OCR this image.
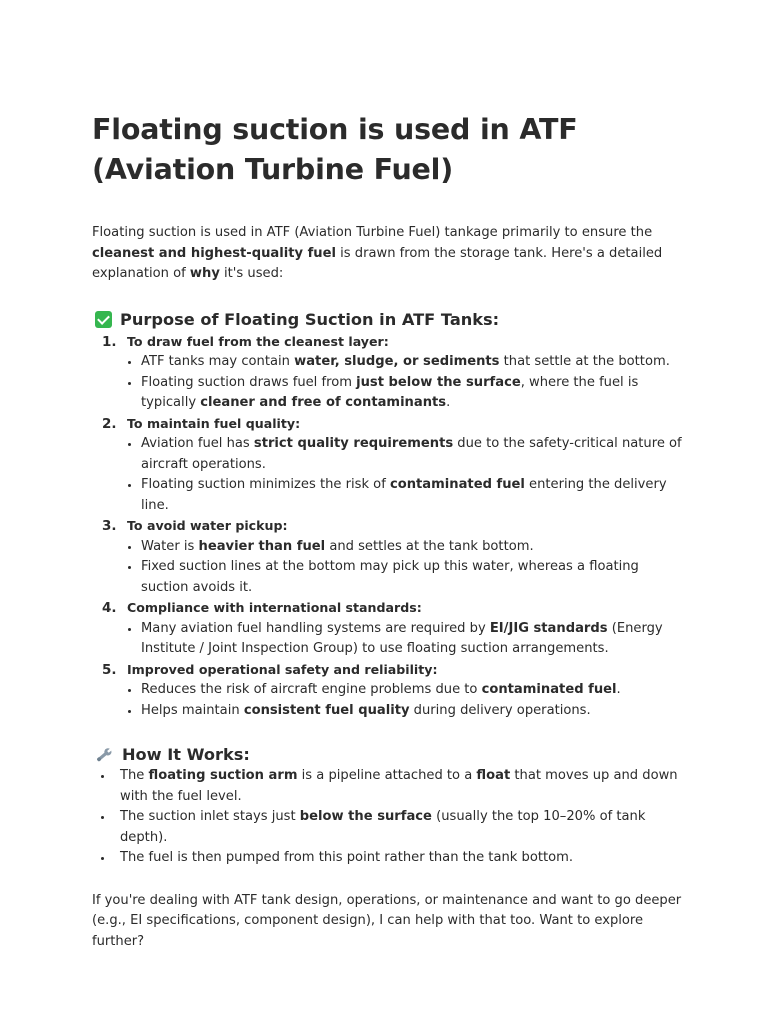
Floating suction is used in ATF (Aviation Turbine Fuel)

Floating suction is used in ATF (Aviation Turbine Fuel) tankage primarily to ensure the cleanest and highest-quality fuel is drawn from the storage tank. Here's a detailed explanation of why it's used:

Purpose of Floating Suction in ATF Tanks:
1. To draw fuel from the cleanest layer:
ATF tanks may contain water, sludge, or sediments that settle at the bottom.
Floating suction draws fuel from just below the surface, where the fuel is typically cleaner and free of contaminants.
2. To maintain fuel quality:
Aviation fuel has strict quality requirements due to the safety-critical nature of aircraft operations.
Floating suction minimizes the risk of contaminated fuel entering the delivery line.
3. To avoid water pickup:
Water is heavier than fuel and settles at the tank bottom.
Fixed suction lines at the bottom may pick up this water, whereas a floating suction avoids it.
4. Compliance with international standards:
Many aviation fuel handling systems are required by EI/JIG standards (Energy Institute / Joint Inspection Group) to use floating suction arrangements.
5. Improved operational safety and reliability:
Reduces the risk of aircraft engine problems due to contaminated fuel.
Helps maintain consistent fuel quality during delivery operations.
How It Works:
The floating suction arm is a pipeline attached to a float that moves up and down with the fuel level.
The suction inlet stays just below the surface (usually the top 10–20% of tank depth).
The fuel is then pumped from this point rather than the tank bottom.

If you're dealing with ATF tank design, operations, or maintenance and want to go deeper (e.g., EI specifications, component design), I can help with that too. Want to explore further?
